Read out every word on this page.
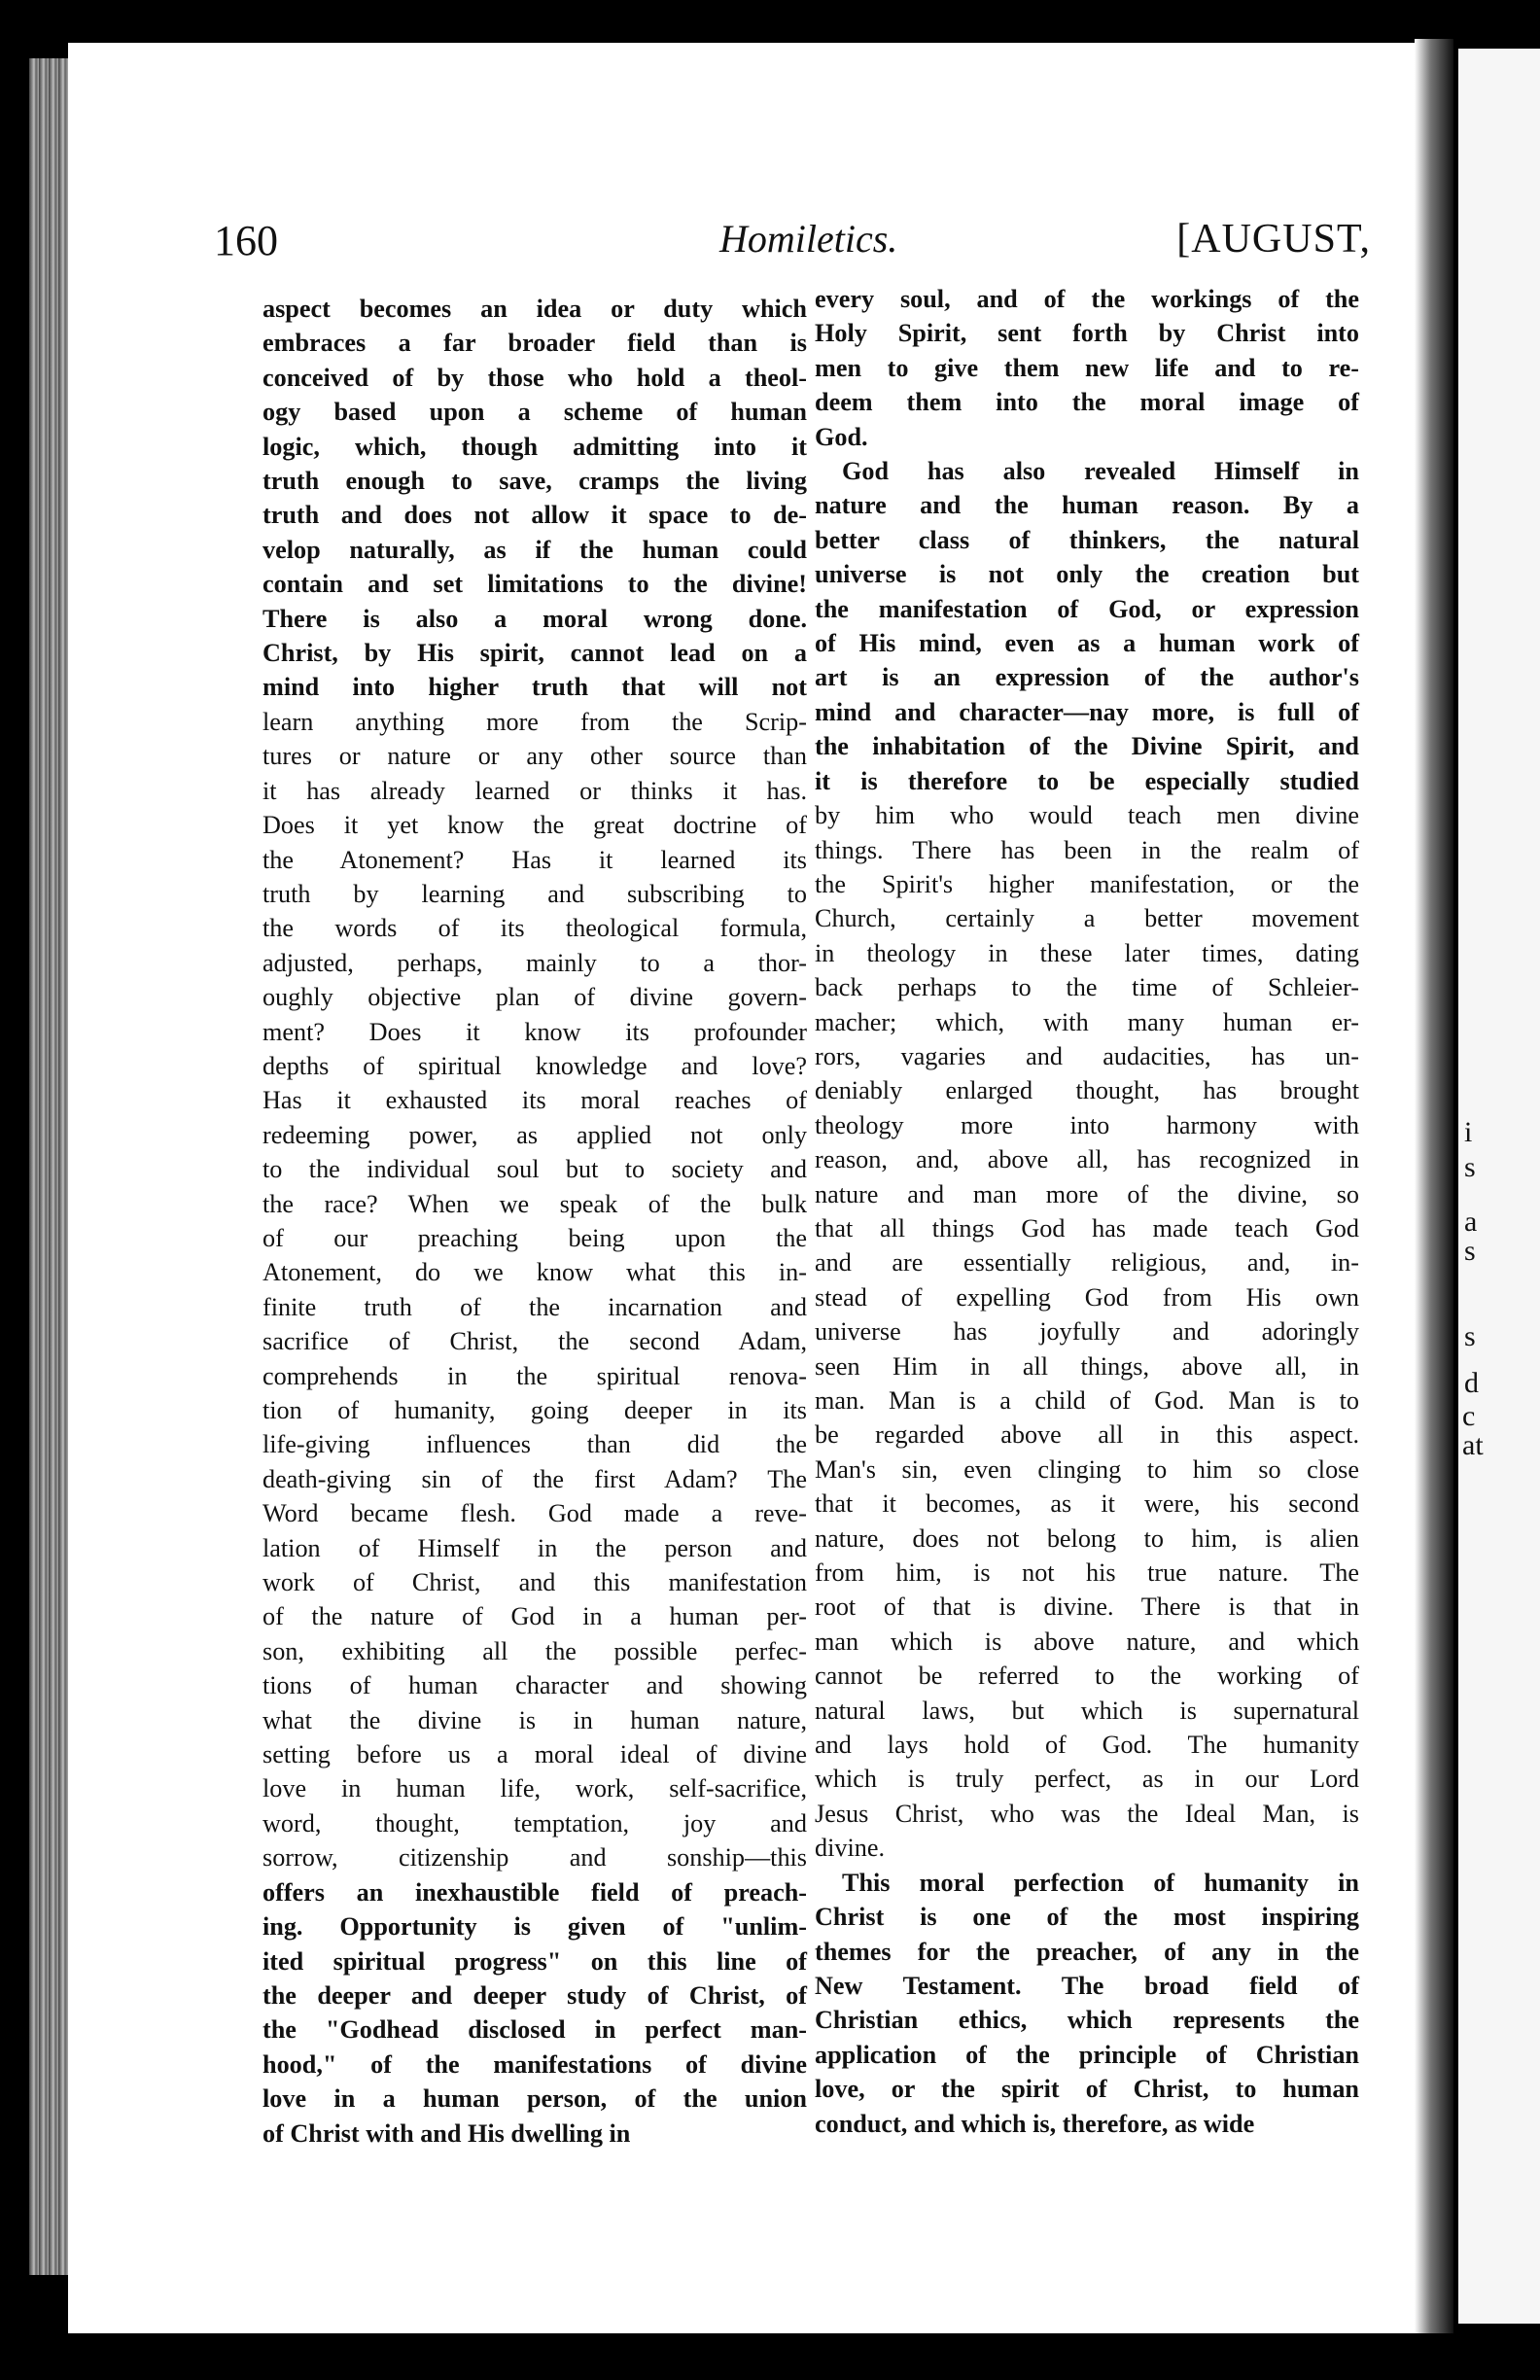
i
s
a
s
s
d
c
at
160	Homiletics.	[AUGUST,
aspect becomes an idea or duty which
embraces a far broader field than is
conceived of by those who hold a theol-
ogy based upon a scheme of human
logic, which, though admitting into it
truth enough to save, cramps the living
truth and does not allow it space to de-
velop naturally, as if the human could
contain and set limitations to the divine!
There is also a moral wrong done.
Christ, by His spirit, cannot lead on a
mind into higher truth that will not
learn anything more from the Scrip-
tures or nature or any other source than
it has already learned or thinks it has.
Does it yet know the great doctrine of
the Atonement? Has it learned its
truth by learning and subscribing to
the words of its theological formula,
adjusted, perhaps, mainly to a thor-
oughly objective plan of divine govern-
ment? Does it know its profounder
depths of spiritual knowledge and love?
Has it exhausted its moral reaches of
redeeming power, as applied not only
to the individual soul but to society and
the race? When we speak of the bulk
of our preaching being upon the
Atonement, do we know what this in-
finite truth of the incarnation and
sacrifice of Christ, the second Adam,
comprehends in the spiritual renova-
tion of humanity, going deeper in its
life-giving influences than did the
death-giving sin of the first Adam? The
Word became flesh. God made a reve-
lation of Himself in the person and
work of Christ, and this manifestation
of the nature of God in a human per-
son, exhibiting all the possible perfec-
tions of human character and showing
what the divine is in human nature,
setting before us a moral ideal of divine
love in human life, work, self-sacrifice,
word, thought, temptation, joy and
sorrow, citizenship and sonship—this
offers an inexhaustible field of preach-
ing. Opportunity is given of "unlim-
ited spiritual progress" on this line of
the deeper and deeper study of Christ, of
the "Godhead disclosed in perfect man-
hood," of the manifestations of divine
love in a human person, of the union
of Christ with and His dwelling in
every soul, and of the workings of the
Holy Spirit, sent forth by Christ into
men to give them new life and to re-
deem them into the moral image of
God.
God has also revealed Himself in
nature and the human reason. By a
better class of thinkers, the natural
universe is not only the creation but
the manifestation of God, or expression
of His mind, even as a human work of
art is an expression of the author's
mind and character—nay more, is full of
the inhabitation of the Divine Spirit, and
it is therefore to be especially studied
by him who would teach men divine
things. There has been in the realm of
the Spirit's higher manifestation, or the
Church, certainly a better movement
in theology in these later times, dating
back perhaps to the time of Schleier-
macher; which, with many human er-
rors, vagaries and audacities, has un-
deniably enlarged thought, has brought
theology more into harmony with
reason, and, above all, has recognized in
nature and man more of the divine, so
that all things God has made teach God
and are essentially religious, and, in-
stead of expelling God from His own
universe has joyfully and adoringly
seen Him in all things, above all, in
man. Man is a child of God. Man is to
be regarded above all in this aspect.
Man's sin, even clinging to him so close
that it becomes, as it were, his second
nature, does not belong to him, is alien
from him, is not his true nature. The
root of that is divine. There is that in
man which is above nature, and which
cannot be referred to the working of
natural laws, but which is supernatural
and lays hold of God. The humanity
which is truly perfect, as in our Lord
Jesus Christ, who was the Ideal Man, is
divine.
This moral perfection of humanity in
Christ is one of the most inspiring
themes for the preacher, of any in the
New Testament. The broad field of
Christian ethics, which represents the
application of the principle of Christian
love, or the spirit of Christ, to human
conduct, and which is, therefore, as wide
